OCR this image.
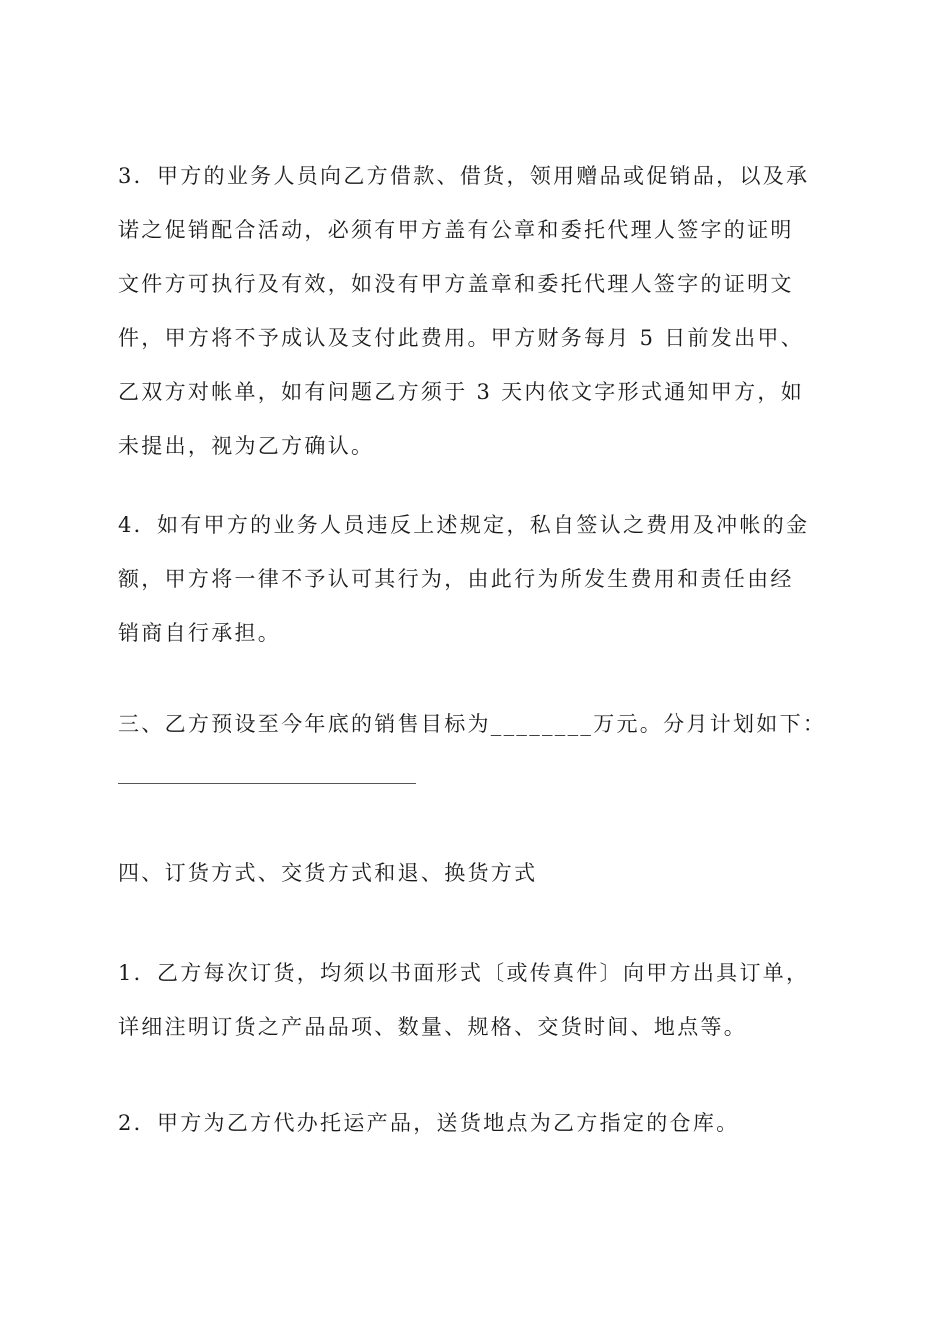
3．甲方的业务人员向乙方借款、借货，领用赠品或促销品，以及承
诺之促销配合活动，必须有甲方盖有公章和委托代理人签字的证明
文件方可执行及有效，如没有甲方盖章和委托代理人签字的证明文
件，甲方将不予成认及支付此费用。甲方财务每月 5 日前发出甲、
乙双方对帐单，如有问题乙方须于 3 天内依文字形式通知甲方，如
未提出，视为乙方确认。
4．如有甲方的业务人员违反上述规定，私自签认之费用及冲帐的金
额，甲方将一律不予认可其行为，由此行为所发生费用和责任由经
销商自行承担。
三、乙方预设至今年底的销售目标为________万元。分月计划如下：
四、订货方式、交货方式和退、换货方式
1．乙方每次订货，均须以书面形式〔或传真件〕向甲方出具订单，
详细注明订货之产品品项、数量、规格、交货时间、地点等。
2．甲方为乙方代办托运产品，送货地点为乙方指定的仓库。
